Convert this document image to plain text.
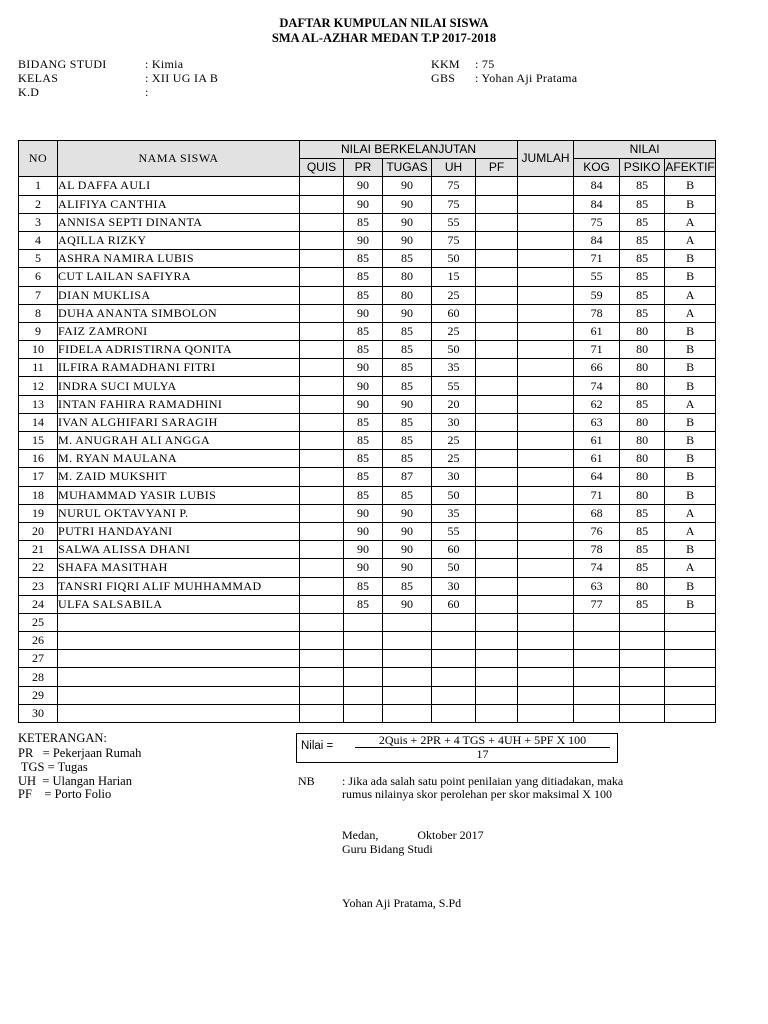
DAFTAR KUMPULAN NILAI SISWA
SMA AL-AZHAR MEDAN T.P 2017-2018
BIDANG STUDI	: Kimia
KELAS	: XII UG IA B
K.D	:
KKM : 75
GBS : Yohan Aji Pratama
NO	NAMA SISWA	NILAI BERKELANJUTAN					JUMLAH	NILAI		
		QUIS	PR	TUGAS	UH	PF		KOG	PSIKO	AFEKTIF
1	AL DAFFA AULI		90	90	75			84	85	B
2	ALIFIYA CANTHIA		90	90	75			84	85	B
3	ANNISA SEPTI DINANTA		85	90	55			75	85	A
4	AQILLA RIZKY		90	90	75			84	85	A
5	ASHRA NAMIRA LUBIS		85	85	50			71	85	B
6	CUT LAILAN SAFIYRA		85	80	15			55	85	B
7	DIAN MUKLISA		85	80	25			59	85	A
8	DUHA ANANTA SIMBOLON		90	90	60			78	85	A
9	FAIZ ZAMRONI		85	85	25			61	80	B
10	FIDELA ADRISTIRNA QONITA		85	85	50			71	80	B
11	ILFIRA RAMADHANI FITRI		90	85	35			66	80	B
12	INDRA SUCI MULYA		90	85	55			74	80	B
13	INTAN FAHIRA RAMADHINI		90	90	20			62	85	A
14	IVAN ALGHIFARI SARAGIH		85	85	30			63	80	B
15	M. ANUGRAH ALI ANGGA		85	85	25			61	80	B
16	M. RYAN MAULANA		85	85	25			61	80	B
17	M. ZAID MUKSHIT		85	87	30			64	80	B
18	MUHAMMAD YASIR LUBIS		85	85	50			71	80	B
19	NURUL OKTAVYANI P.		90	90	35			68	85	A
20	PUTRI HANDAYANI		90	90	55			76	85	A
21	SALWA ALISSA DHANI		90	90	60			78	85	B
22	SHAFA MASITHAH		90	90	50			74	85	A
23	TANSRI FIQRI ALIF MUHHAMMAD		85	85	30			63	80	B
24	ULFA SALSABILA		85	90	60			77	85	B
25										
26										
27										
28										
29										
30										
KETERANGAN:
PR   = Pekerjaan Rumah
TGS = Tugas
UH  = Ulangan Harian
PF    = Porto Folio
Nilai =	2Quis + 2PR + 4 TGS + 4UH + 5PF X 100
17
NB : Jika ada salah satu point penilaian yang ditiadakan, maka
rumus nilainya skor perolehan per skor maksimal X 100
Medan,             Oktober 2017
Guru Bidang Studi
Yohan Aji Pratama, S.Pd
